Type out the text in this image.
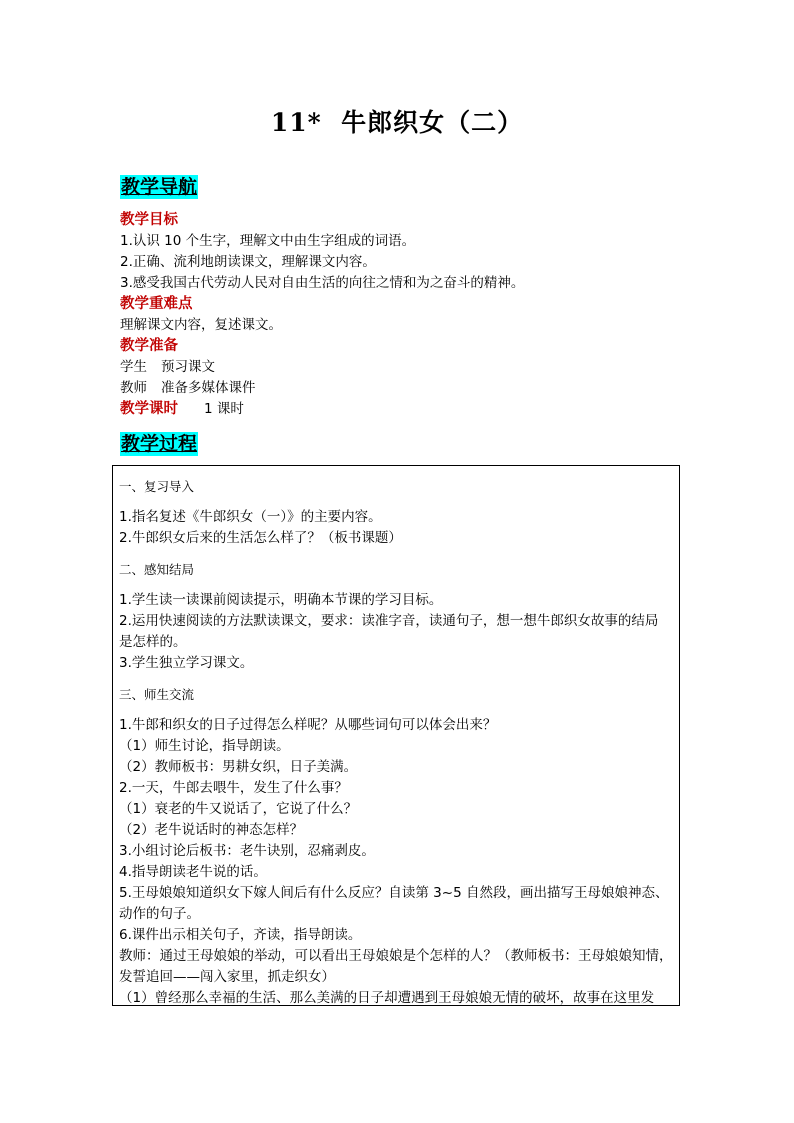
11* 牛郎织女（二）
教学导航
教学目标
1.认识 10 个生字，理解文中由生字组成的词语。
2.正确、流利地朗读课文，理解课文内容。
3.感受我国古代劳动人民对自由生活的向往之情和为之奋斗的精神。
教学重难点
理解课文内容，复述课文。
教学准备
学生 预习课文
教师 准备多媒体课件
教学课时 1 课时
教学过程
一、复习导入
1.指名复述《牛郎织女（一）》的主要内容。
2.牛郎织女后来的生活怎么样了？（板书课题）
二、感知结局
1.学生读一读课前阅读提示，明确本节课的学习目标。
2.运用快速阅读的方法默读课文，要求：读准字音，读通句子，想一想牛郎织女故事的结局
是怎样的。
3.学生独立学习课文。
三、师生交流
1.牛郎和织女的日子过得怎么样呢？从哪些词句可以体会出来？
（1）师生讨论，指导朗读。
（2）教师板书：男耕女织，日子美满。
2.一天，牛郎去喂牛，发生了什么事？
（1）衰老的牛又说话了，它说了什么？
（2）老牛说话时的神态怎样？
3.小组讨论后板书：老牛诀别，忍痛剥皮。
4.指导朗读老牛说的话。
5.王母娘娘知道织女下嫁人间后有什么反应？自读第 3~5 自然段，画出描写王母娘娘神态、
动作的句子。
6.课件出示相关句子，齐读，指导朗读。
教师：通过王母娘娘的举动，可以看出王母娘娘是个怎样的人？（教师板书：王母娘娘知情，
发誓追回——闯入家里，抓走织女）
（1）曾经那么幸福的生活、那么美满的日子却遭遇到王母娘娘无情的破坏，故事在这里发
